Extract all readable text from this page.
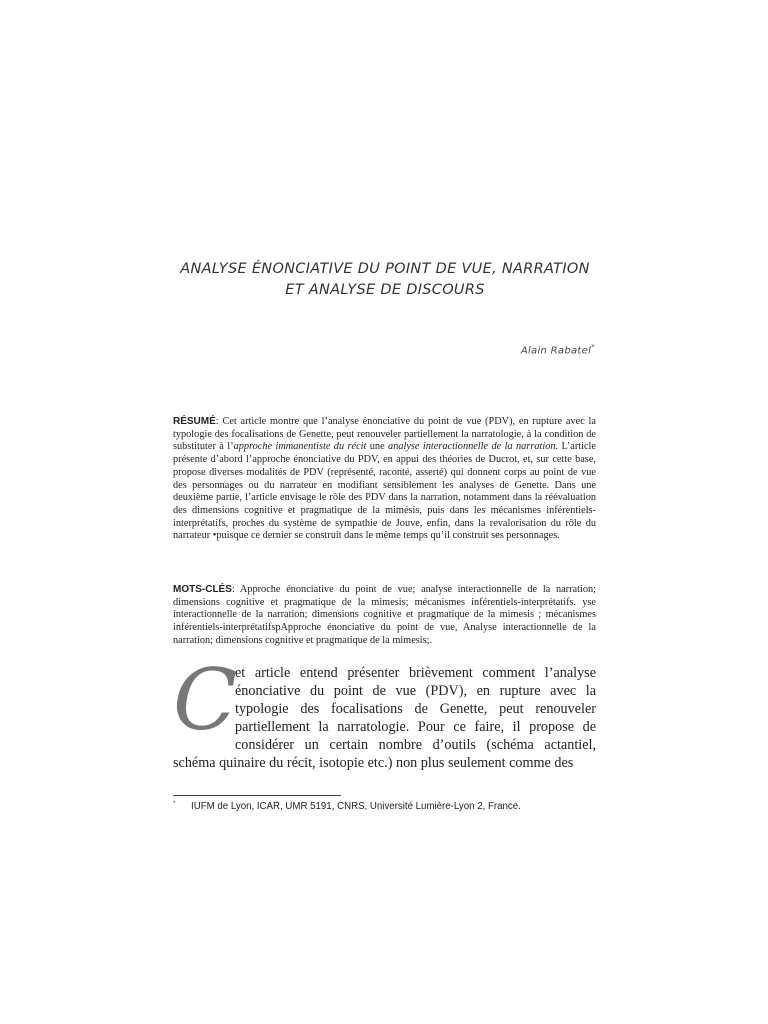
ANALYSE ÉNONCIATIVE DU POINT DE VUE, NARRATION
ET ANALYSE DE DISCOURS
Alain Rabatel*
RÉSUMÉ: Cet article montre que l’analyse énonciative du point de vue (PDV), en rupture avec la typologie des focalisations de Genette, peut renouveler partiellement la narratologie, à la condition de substituter à l’approche immanentiste du récit une analyse interactionnelle de la narration. L’article présente d’abord l’approche énonciative du PDV, en appui des théories de Ducrot, et, sur cette base, propose diverses modalités de PDV (représenté, raconté, asserté) qui donnent corps au point de vue des personnages ou du narrateur en modifiant sensiblement les analyses de Genette. Dans une deuxième partie, l’article envisage le rôle des PDV dans la narration, notamment dans la réévaluation des dimensions cognitive et pragmatique de la mimésis, puis dans les mécanismes inférentiels-interprétatifs, proches du système de sympathie de Jouve, enfin, dans la revalorisation du rôle du narrateur •puisque ce dernier se construit dans le même temps qu’il construit ses personnages.
MOTS-CLÉS: Approche énonciative du point de vue; analyse interactionnelle de la narration; dimensions cognitive et pragmatique de la mimesis; mécanismes inférentiels-interprétatifs. yse interactionnelle de la narration; dimensions cognitive et pragmatique de la mimesis ; mécanismes inférentiels-interprétatifspApproche énonciative du point de vue, Analyse interactionnelle de la narration; dimensions cognitive et pragmatique de la mimesis;.
C
et article entend présenter brièvement comment l’analyse énonciative du point de vue (PDV), en rupture avec la typologie des focalisations de Genette, peut renouveler partiellement la narratologie. Pour ce faire, il propose de considérer un certain nombre d’outils (schéma actantiel, schéma quinaire du récit, isotopie etc.) non plus seulement comme des
* IUFM de Lyon, ICAR, UMR 5191, CNRS, Université Lumière-Lyon 2, France.
